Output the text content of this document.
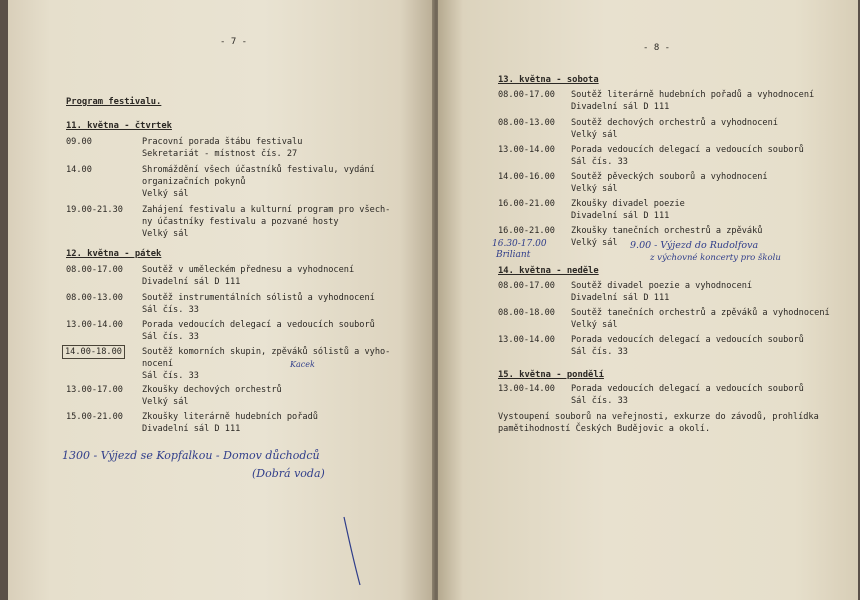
- 7 -
Program festivalu.
11. května - čtvrtek
09.00	Pracovní porada štábu festivalu
Sekretariát - místnost čís. 27
14.00	Shromáždění všech účastníků festivalu, vydání
organizačních pokynů
Velký sál
19.00-21.30 Zahájení festivalu a kulturní program pro všech-
ny účastníky festivalu a pozvané hosty
Velký sál
12. května - pátek
08.00-17.00 Soutěž v uměleckém přednesu a vyhodnocení
Divadelní sál D 111
08.00-13.00 Soutěž instrumentálních sólistů a vyhodnocení
Sál čís. 33
13.00-14.00 Porada vedoucích delegací a vedoucích souborů
Sál čís. 33
14.00-18.00	Soutěž komorních skupin, zpěváků sólistů a vyho-
nocení
Sál čís. 33
Kacek
13.00-17.00 Zkoušky dechových orchestrů
Velký sál
15.00-21.00 Zkoušky literárně hudebních pořadů
Divadelní sál D 111
1300 - Výjezd se Kopfalkou - Domov důchodců
(Dobrá voda)
- 8 -
13. května - sobota
08.00-17.00 Soutěž literárně hudebních pořadů a vyhodnocení
Divadelní sál D 111
08.00-13.00 Soutěž dechových orchestrů a vyhodnocení
Velký sál
13.00-14.00 Porada vedoucích delegací a vedoucích souborů
Sál čís. 33
14.00-16.00 Soutěž pěveckých souborů a vyhodnocení
Velký sál
16.00-21.00 Zkoušky divadel poezie
Divadelní sál D 111
16.00-21.00 Zkoušky tanečních orchestrů a zpěváků
Velký sál
16.30-17.00
Briliant
9.00 - Výjezd do Rudolfova
z výchovné koncerty pro školu
14. května - neděle
08.00-17.00 Soutěž divadel poezie a vyhodnocení
Divadelní sál D 111
08.00-18.00 Soutěž tanečních orchestrů a zpěváků a vyhodnocení
Velký sál
13.00-14.00 Porada vedoucích delegací a vedoucích souborů
Sál čís. 33
15. května - pondělí
13.00-14.00 Porada vedoucích delegací a vedoucích souborů
Sál čís. 33
Vystoupení souborů na veřejnosti, exkurze do závodů, prohlídka
pamětihodností Českých Budějovic a okolí.
